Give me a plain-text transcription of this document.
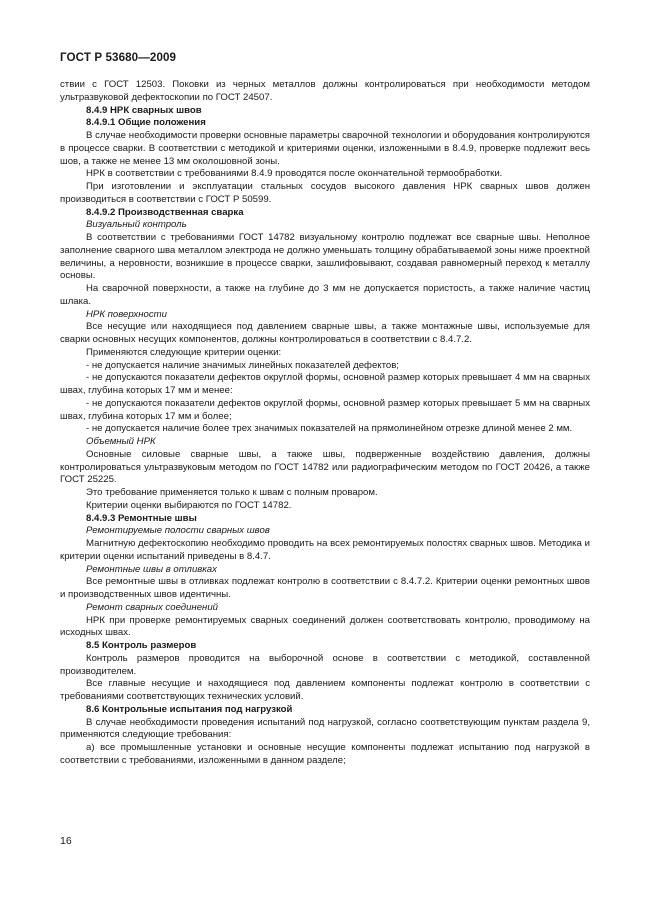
ГОСТ Р 53680—2009

ствии с ГОСТ 12503. Поковки из черных металлов должны контролироваться при необходимости методом ультразвуковой дефектоскопии по ГОСТ 24507.

8.4.9 НРК сварных швов

8.4.9.1 Общие положения

В случае необходимости проверки основные параметры сварочной технологии и оборудования контролируются в процессе сварки. В соответствии с методикой и критериями оценки, изложенными в 8.4.9, проверке подлежит весь шов, а также не менее 13 мм околошовной зоны.

НРК в соответствии с требованиями 8.4.9 проводятся после окончательной термообработки.

При изготовлении и эксплуатации стальных сосудов высокого давления НРК сварных швов должен производиться в соответствии с ГОСТ Р 50599.

8.4.9.2 Производственная сварка

Визуальный контроль

В соответствии с требованиями ГОСТ 14782 визуальному контролю подлежат все сварные швы. Неполное заполнение сварного шва металлом электрода не должно уменьшать толщину обрабатываемой зоны ниже проектной величины, а неровности, возникшие в процессе сварки, зашлифовывают, создавая равномерный переход к металлу основы.

На сварочной поверхности, а также на глубине до 3 мм не допускается пористость, а также наличие частиц шлака.

НРК поверхности

Все несущие или находящиеся под давлением сварные швы, а также монтажные швы, используемые для сварки основных несущих компонентов, должны контролироваться в соответствии с 8.4.7.2.

Применяются следующие критерии оценки:

- не допускается наличие значимых линейных показателей дефектов;

- не допускаются показатели дефектов округлой формы, основной размер которых превышает 4 мм на сварных швах, глубина которых 17 мм и менее:

- не допускаются показатели дефектов округлой формы, основной размер которых превышает 5 мм на сварных швах, глубина которых 17 мм и более;

- не допускается наличие более трех значимых показателей на прямолинейном отрезке длиной менее 2 мм.

Объемный НРК

Основные силовые сварные швы, а также швы, подверженные воздействию давления, должны контролироваться ультразвуковым методом по ГОСТ 14782 или радиографическим методом по ГОСТ 20426, а также ГОСТ 25225.

Это требование применяется только к швам с полным проваром.

Критерии оценки выбираются по ГОСТ 14782.

8.4.9.3 Ремонтные швы

Ремонтируемые полости сварных швов

Магнитную дефектоскопию необходимо проводить на всех ремонтируемых полостях сварных швов. Методика и критерии оценки испытаний приведены в 8.4.7.

Ремонтные швы в отливках

Все ремонтные швы в отливках подлежат контролю в соответствии с 8.4.7.2. Критерии оценки ремонтных швов и производственных швов идентичны.

Ремонт сварных соединений

НРК при проверке ремонтируемых сварных соединений должен соответствовать контролю, проводимому на исходных швах.

8.5 Контроль размеров

Контроль размеров проводится на выборочной основе в соответствии с методикой, составленной производителем.

Все главные несущие и находящиеся под давлением компоненты подлежат контролю в соответствии с требованиями соответствующих технических условий.

8.6 Контрольные испытания под нагрузкой

В случае необходимости проведения испытаний под нагрузкой, согласно соответствующим пунктам раздела 9, применяются следующие требования:

а) все промышленные установки и основные несущие компоненты подлежат испытанию под нагрузкой в соответствии с требованиями, изложенными в данном разделе;

16
